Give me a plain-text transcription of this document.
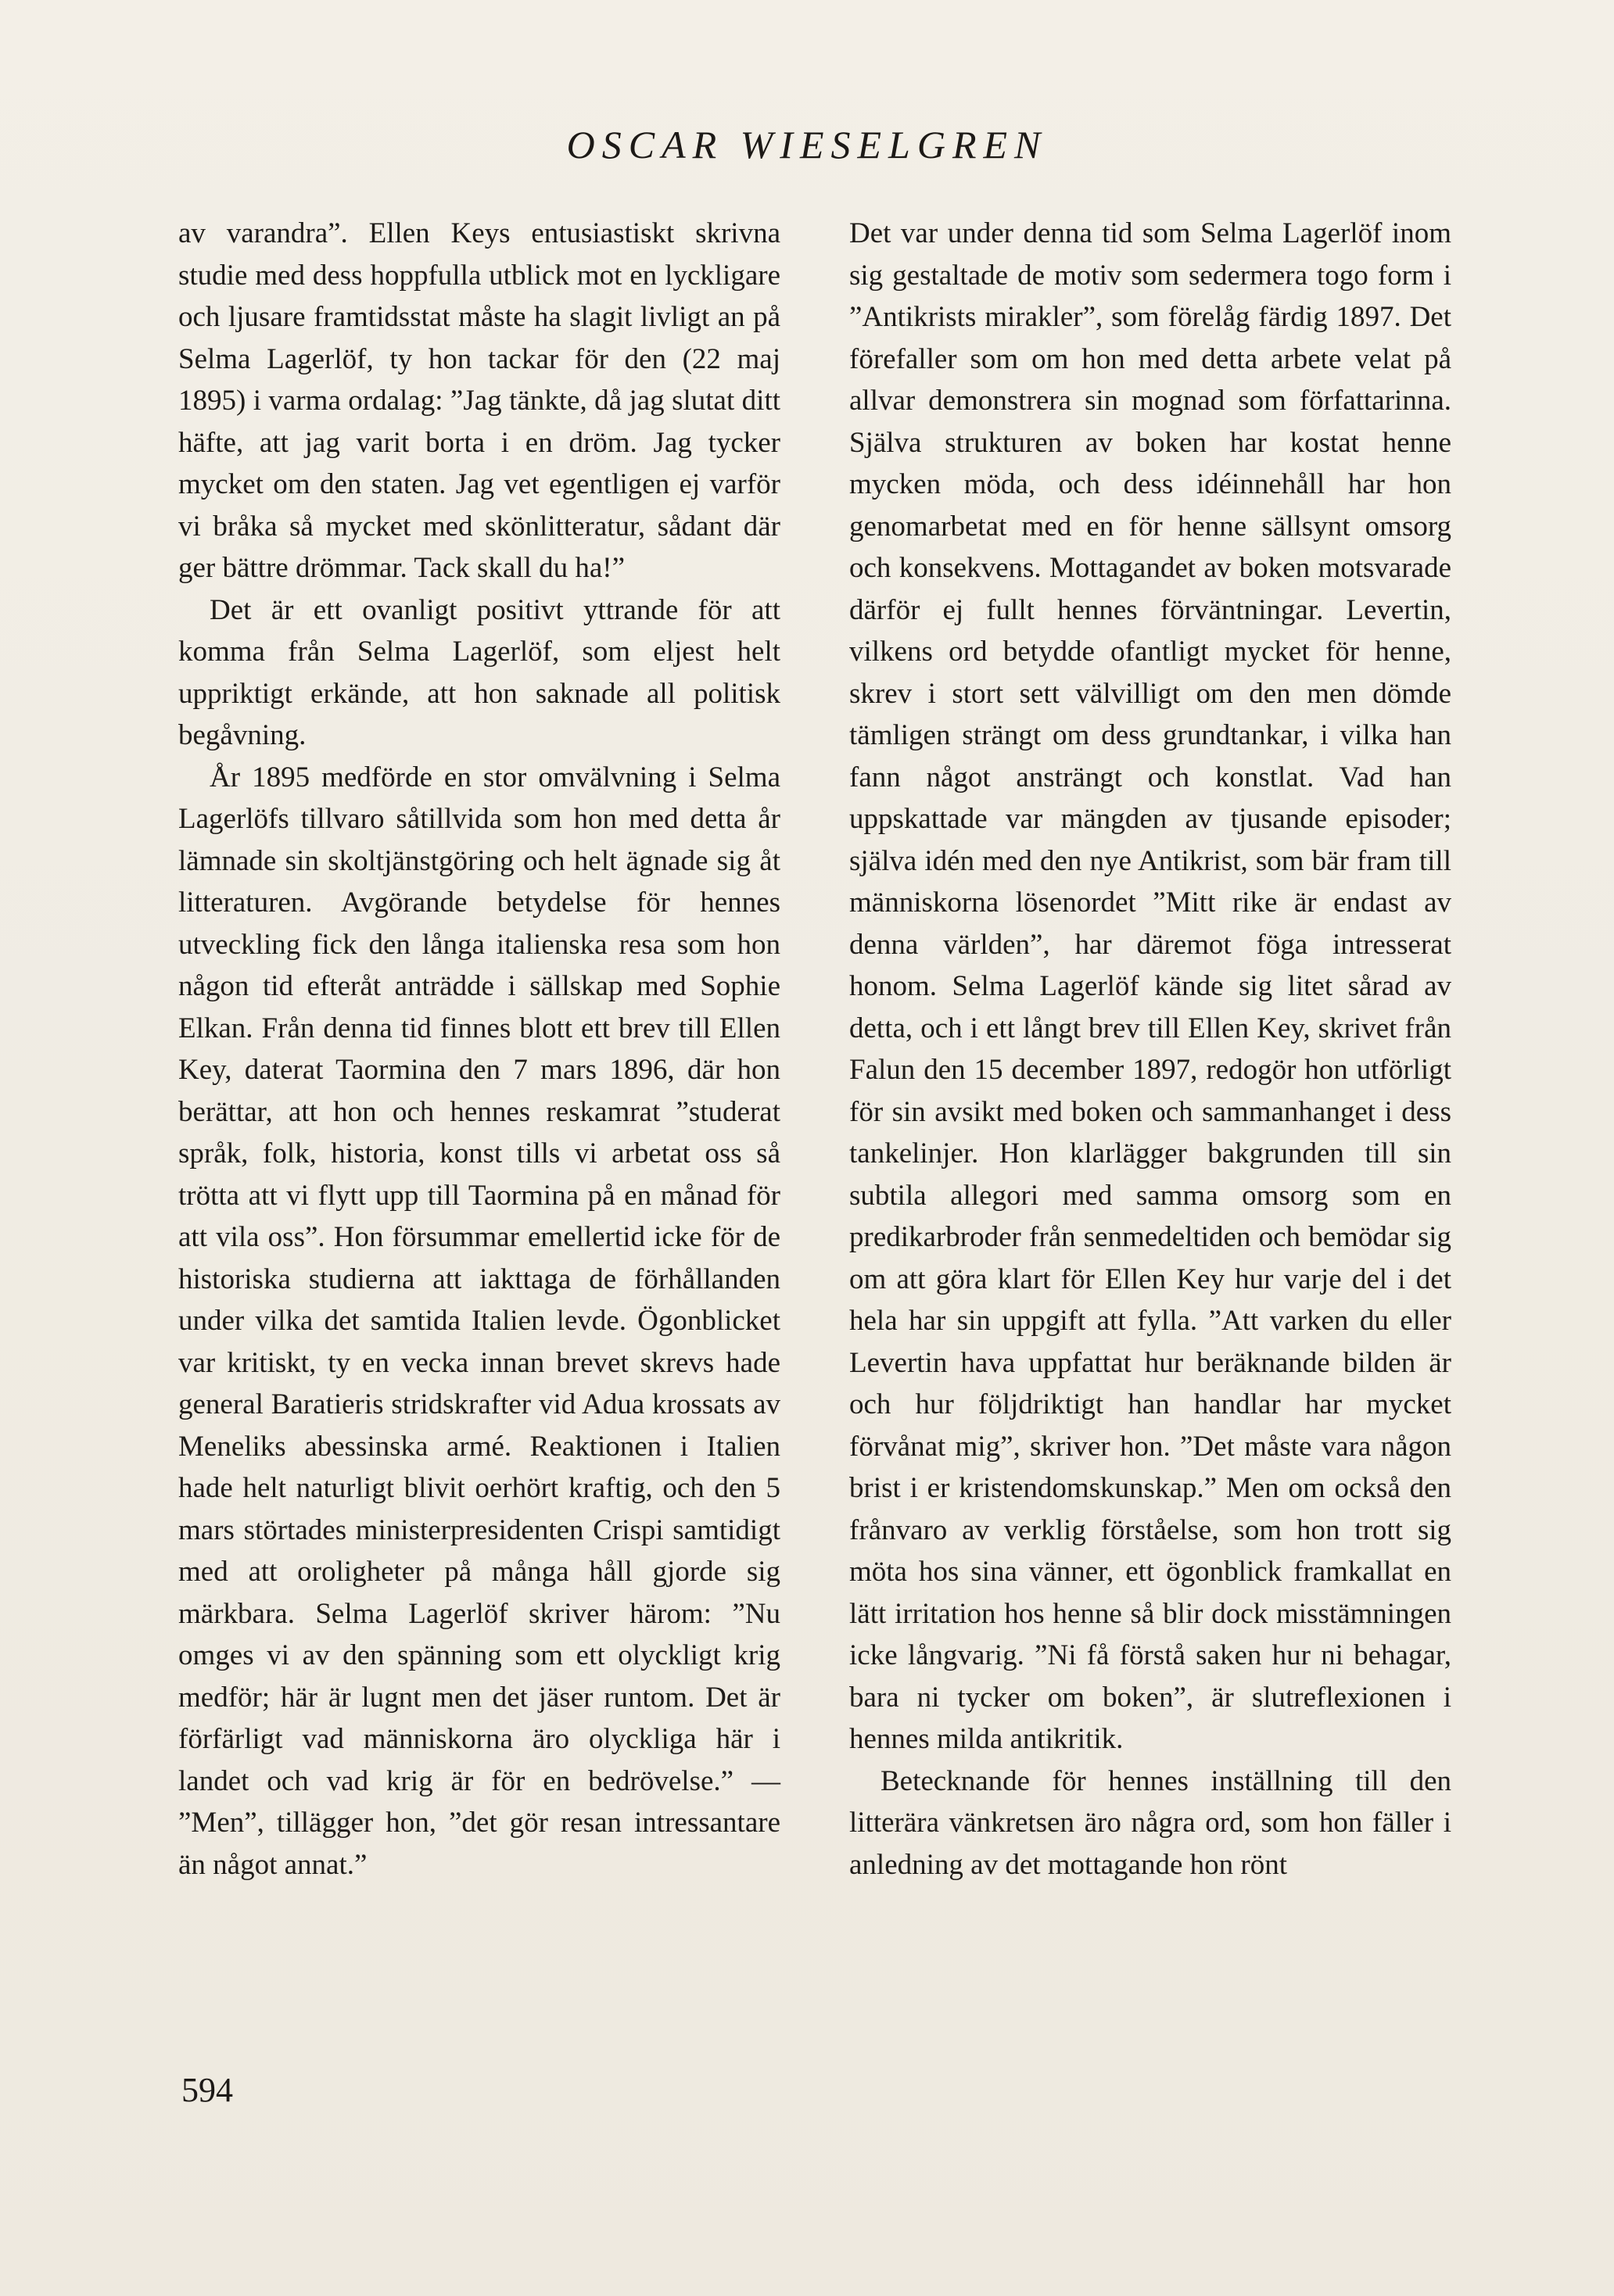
OSCAR WIESELGREN

av varandra”. Ellen Keys entusiastiskt skrivna studie med dess hoppfulla utblick mot en lyckligare och ljusare framtidsstat måste ha slagit livligt an på Selma Lagerlöf, ty hon tackar för den (22 maj 1895) i varma ordalag: ”Jag tänkte, då jag slutat ditt häfte, att jag varit borta i en dröm. Jag tycker mycket om den staten. Jag vet egentligen ej varför vi bråka så mycket med skönlitteratur, sådant där ger bättre drömmar. Tack skall du ha!”

Det är ett ovanligt positivt yttrande för att komma från Selma Lagerlöf, som eljest helt uppriktigt erkände, att hon saknade all politisk begåvning.

År 1895 medförde en stor omvälvning i Selma Lagerlöfs tillvaro såtillvida som hon med detta år lämnade sin skoltjänstgöring och helt ägnade sig åt litteraturen. Avgörande betydelse för hennes utveckling fick den långa italienska resa som hon någon tid efteråt anträdde i sällskap med Sophie Elkan. Från denna tid finnes blott ett brev till Ellen Key, daterat Taormina den 7 mars 1896, där hon berättar, att hon och hennes reskamrat ”studerat språk, folk, historia, konst tills vi arbetat oss så trötta att vi flytt upp till Taormina på en månad för att vila oss”. Hon försummar emellertid icke för de historiska studierna att iakttaga de förhållanden under vilka det samtida Italien levde. Ögonblicket var kritiskt, ty en vecka innan brevet skrevs hade general Baratieris stridskrafter vid Adua krossats av Meneliks abessinska armé. Reaktionen i Italien hade helt naturligt blivit oerhört kraftig, och den 5 mars störtades ministerpresidenten Crispi samtidigt med att oroligheter på många håll gjorde sig märkbara. Selma Lagerlöf skriver härom: ”Nu omges vi av den spänning som ett olyckligt krig medför; här är lugnt men det jäser runtom. Det är förfärligt vad människorna äro olyckliga här i landet och vad krig är för en bedrövelse.” — ”Men”, tillägger hon, ”det gör resan intressantare än något annat.”

Det var under denna tid som Selma Lagerlöf inom sig gestaltade de motiv som sedermera togo form i ”Antikrists mirakler”, som förelåg färdig 1897. Det förefaller som om hon med detta arbete velat på allvar demonstrera sin mognad som författarinna. Själva strukturen av boken har kostat henne mycken möda, och dess idéinnehåll har hon genomarbetat med en för henne sällsynt omsorg och konsekvens. Mottagandet av boken motsvarade därför ej fullt hennes förväntningar. Levertin, vilkens ord betydde ofantligt mycket för henne, skrev i stort sett välvilligt om den men dömde tämligen strängt om dess grundtankar, i vilka han fann något ansträngt och konstlat. Vad han uppskattade var mängden av tjusande episoder; själva idén med den nye Antikrist, som bär fram till människorna lösenordet ”Mitt rike är endast av denna världen”, har däremot föga intresserat honom. Selma Lagerlöf kände sig litet sårad av detta, och i ett långt brev till Ellen Key, skrivet från Falun den 15 december 1897, redogör hon utförligt för sin avsikt med boken och sammanhanget i dess tankelinjer. Hon klarlägger bakgrunden till sin subtila allegori med samma omsorg som en predikarbroder från senmedeltiden och bemödar sig om att göra klart för Ellen Key hur varje del i det hela har sin uppgift att fylla. ”Att varken du eller Levertin hava uppfattat hur beräknande bilden är och hur följdriktigt han handlar har mycket förvånat mig”, skriver hon. ”Det måste vara någon brist i er kristendomskunskap.” Men om också den frånvaro av verklig förståelse, som hon trott sig möta hos sina vänner, ett ögonblick framkallat en lätt irritation hos henne så blir dock misstämningen icke långvarig. ”Ni få förstå saken hur ni behagar, bara ni tycker om boken”, är slutreflexionen i hennes milda antikritik.

Betecknande för hennes inställning till den litterära vänkretsen äro några ord, som hon fäller i anledning av det mottagande hon rönt

594
